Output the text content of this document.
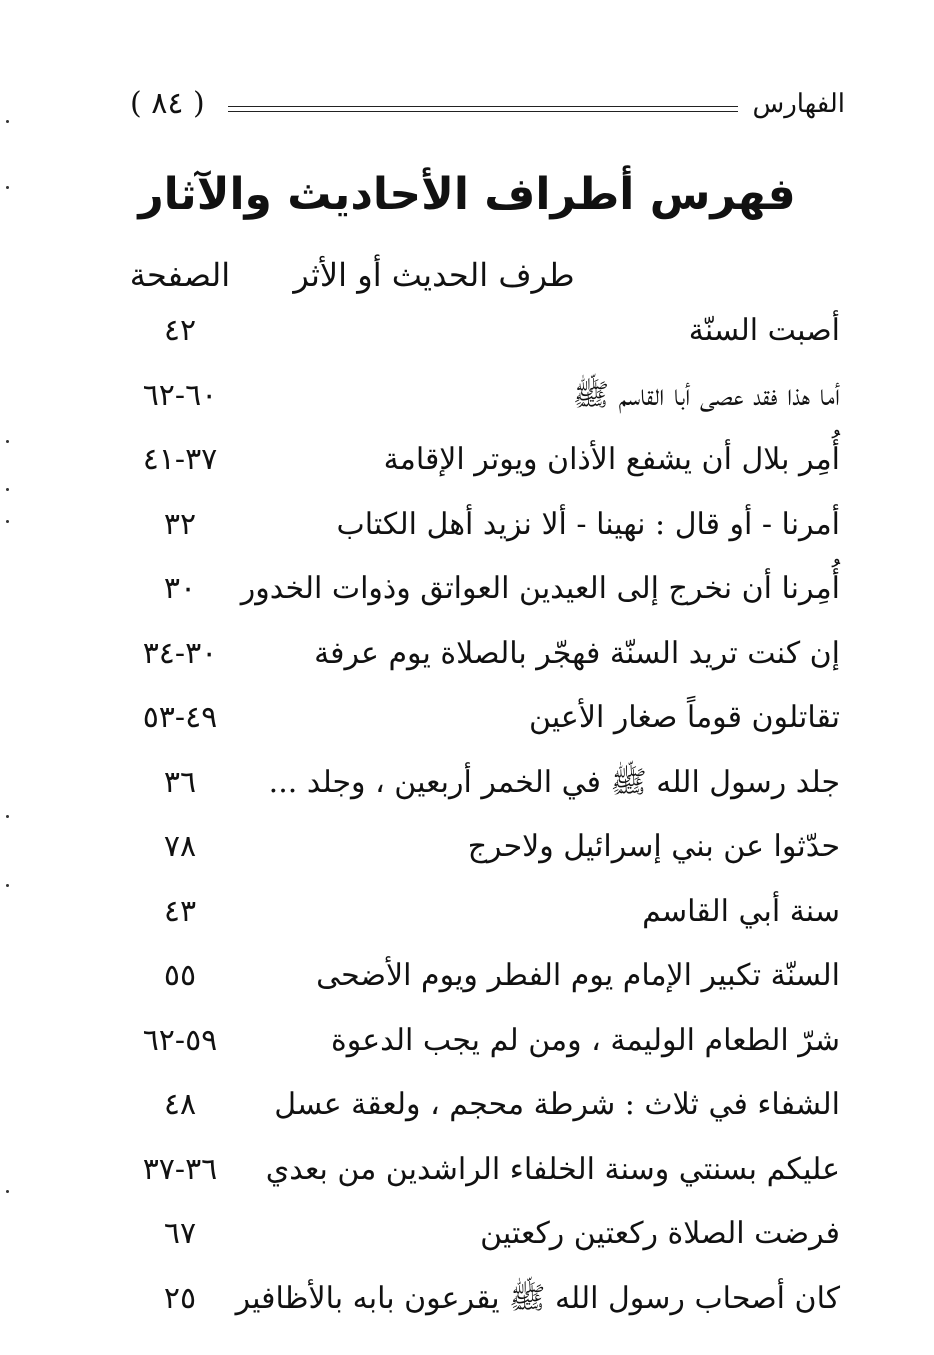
( ٨٤ )	الفهارس
فهرس أطراف الأحاديث والآثار
طرف الحديث أو الأثر
الصفحة
أصبت السنّة
٤٢
أما هذا فقد عصى أبا القاسم ﷺ
٦٠-٦٢
أُمِر بلال أن يشفع الأذان ويوتر الإقامة
٣٧-٤١
أمرنا - أو قال : نهينا - ألا نزيد أهل الكتاب
٣٢
أُمِرنا أن نخرج إلى العيدين العواتق وذوات الخدور
٣٠
إن كنت تريد السنّة فهجّر بالصلاة يوم عرفة
٣٠-٣٤
تقاتلون قوماً صغار الأعين
٤٩-٥٣
جلد رسول الله ﷺ في الخمر أربعين ، وجلد ...
٣٦
حدّثوا عن بني إسرائيل ولاحرج
٧٨
سنة أبي القاسم
٤٣
السنّة تكبير الإمام يوم الفطر ويوم الأضحى
٥٥
شرّ الطعام الوليمة ، ومن لم يجب الدعوة
٥٩-٦٢
الشفاء في ثلاث : شرطة محجم ، ولعقة عسل
٤٨
عليكم بسنتي وسنة الخلفاء الراشدين من بعدي
٣٦-٣٧
فرضت الصلاة ركعتين ركعتين
٦٧
كان أصحاب رسول الله ﷺ يقرعون بابه بالأظافير
٢٥
